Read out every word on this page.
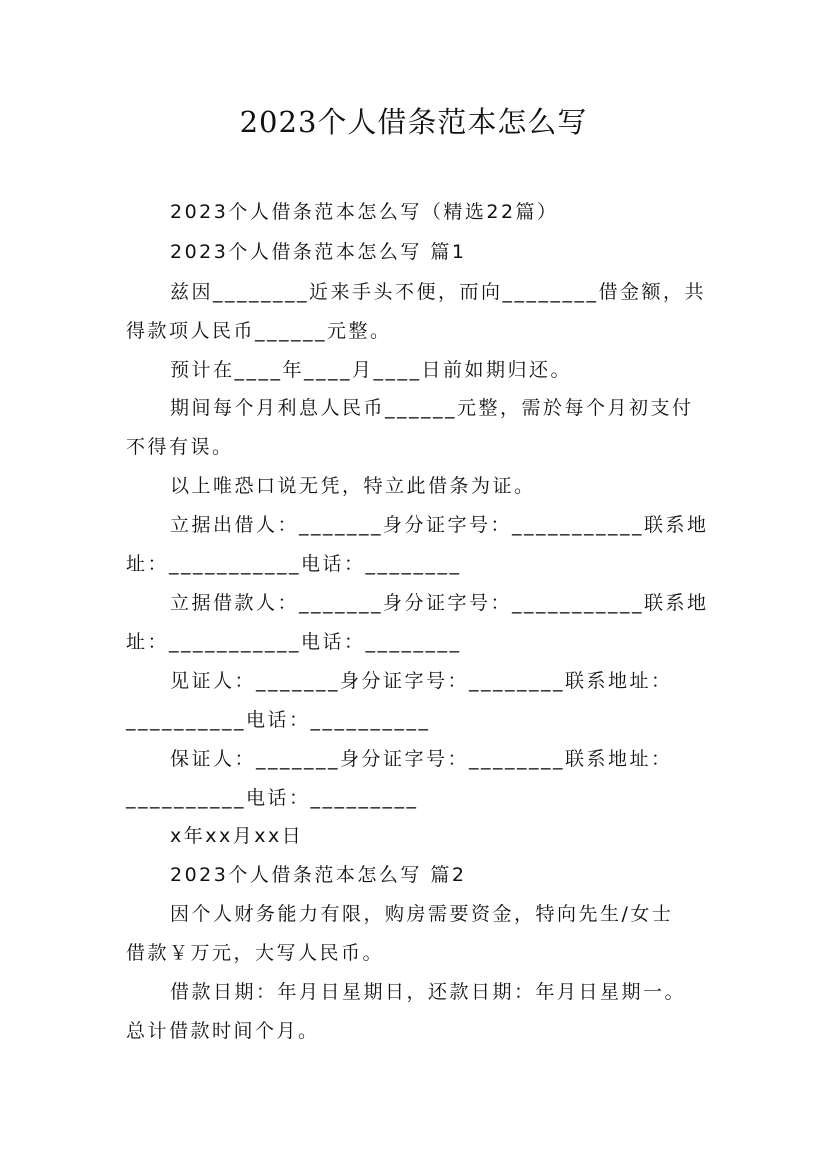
2023个人借条范本怎么写
2023个人借条范本怎么写（精选22篇）
2023个人借条范本怎么写 篇1
兹因________近来手头不便，而向________借金额，共
得款项人民币______元整。
预计在____年____月____日前如期归还。
期间每个月利息人民币______元整，需於每个月初支付
不得有误。
以上唯恐口说无凭，特立此借条为证。
立据出借人：_______身分证字号：___________联系地
址：___________电话：________
立据借款人：_______身分证字号：___________联系地
址：___________电话：________
见证人：_______身分证字号：________联系地址：
__________电话：__________
保证人：_______身分证字号：________联系地址：
__________电话：_________
x年xx月xx日
2023个人借条范本怎么写 篇2
因个人财务能力有限，购房需要资金，特向先生/女士
借款￥万元，大写人民币。
借款日期：年月日星期日，还款日期：年月日星期一。
总计借款时间个月。
